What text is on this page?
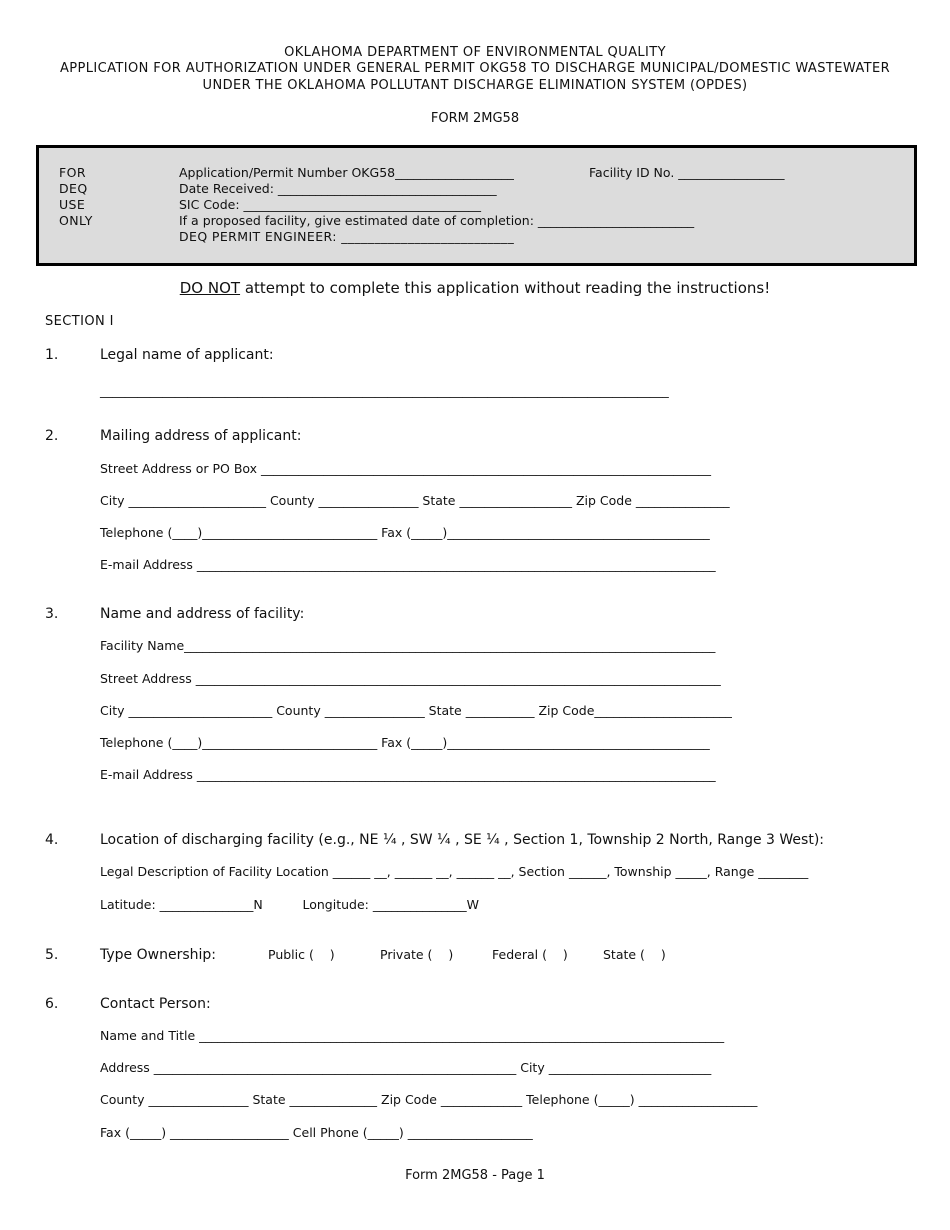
OKLAHOMA DEPARTMENT OF ENVIRONMENTAL QUALITY
APPLICATION FOR AUTHORIZATION UNDER GENERAL PERMIT OKG58 TO DISCHARGE MUNICIPAL/DOMESTIC WASTEWATER
UNDER THE OKLAHOMA POLLUTANT DISCHARGE ELIMINATION SYSTEM (OPDES)
FORM 2MG58
FOR
DEQ
USE
ONLY
Application/Permit Number OKG58___________________	Facility ID No. _________________
Date Received: ___________________________________
SIC Code: ______________________________________
If a proposed facility, give estimated date of completion: _________________________
DEQ PERMIT ENGINEER: __________________________
DO NOT attempt to complete this application without reading the instructions!
SECTION I
1.	Legal name of applicant:
___________________________________________________________________________________________
2.	Mailing address of applicant:
Street Address or PO Box ________________________________________________________________________
City ______________________ County ________________ State __________________ Zip Code _______________
Telephone (____)____________________________ Fax (_____)__________________________________________
E-mail Address ___________________________________________________________________________________
3.	Name and address of facility:
Facility Name_____________________________________________________________________________________
Street Address ____________________________________________________________________________________
City _______________________ County ________________ State ___________ Zip Code______________________
Telephone (____)____________________________ Fax (_____)__________________________________________
E-mail Address ___________________________________________________________________________________
4.	Location of discharging facility (e.g., NE ¼ , SW ¼ , SE ¼ , Section 1, Township 2 North, Range 3 West):
Legal Description of Facility Location ______ __, ______ __, ______ __, Section ______, Township _____, Range ________
Latitude: _______________N          Longitude: _______________W
5.	Type Ownership:	Public (    )	Private (    )	Federal (    )	State (    )
6.	Contact Person:
Name and Title ____________________________________________________________________________________
Address __________________________________________________________ City __________________________
County ________________ State ______________ Zip Code _____________ Telephone (_____) ___________________
Fax (_____) ___________________ Cell Phone (_____) ____________________
Form 2MG58 - Page 1
